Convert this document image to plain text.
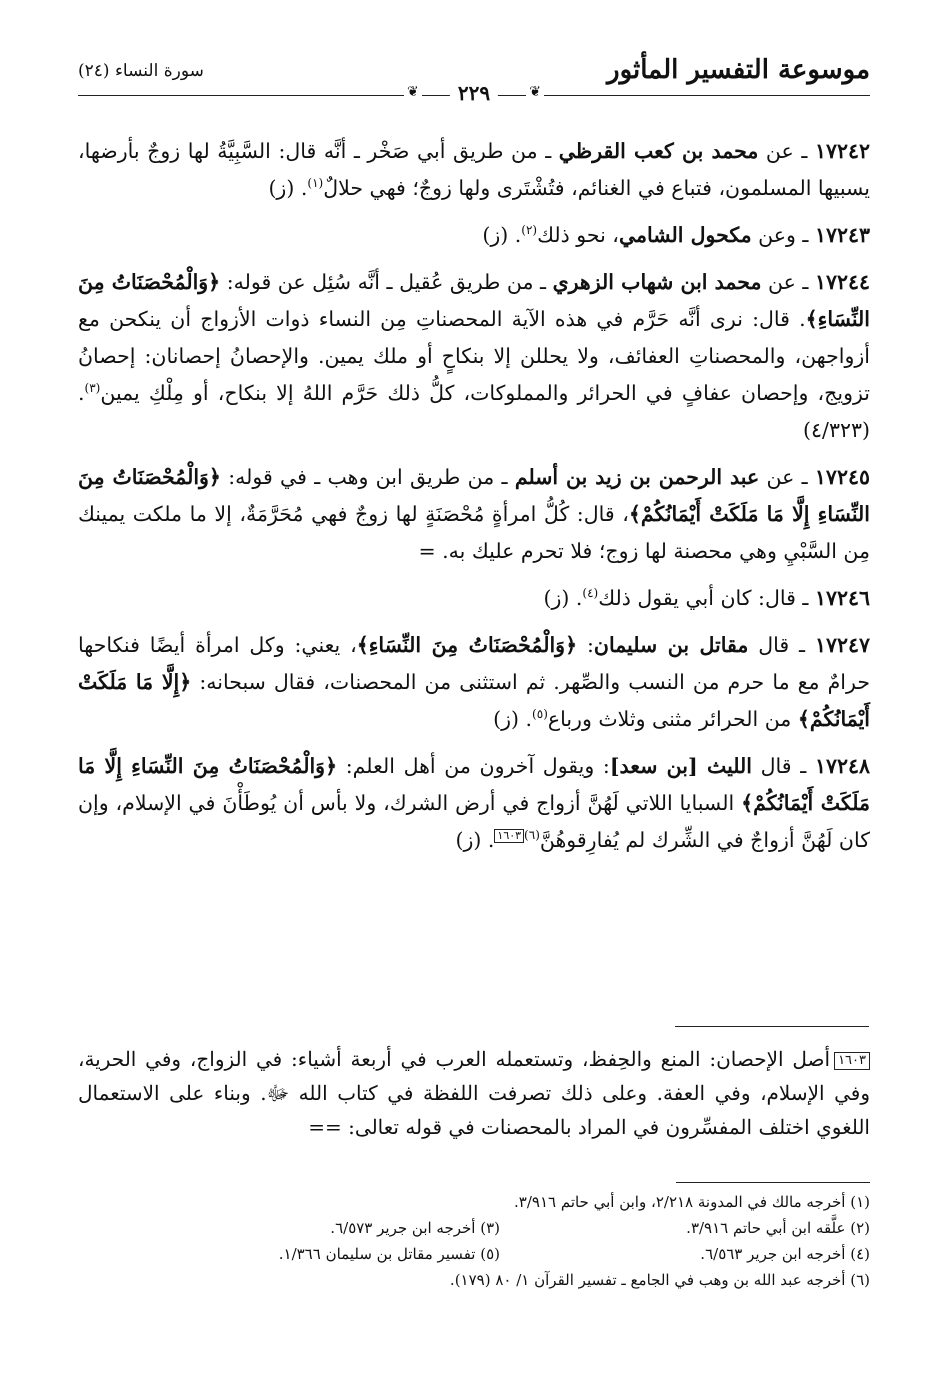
موسوعة التفسير المأثور
سورة النساء (٢٤)
❦
❦	٢٢٩

١٧٢٤٢ ـ عن محمد بن كعب القرظي ـ من طريق أبي صَخْر ـ أنَّه قال: السَّبِيَّةُ لها زوجٌ بأرضها، يسبيها المسلمون، فتباع في الغنائم، فتُشْتَرى ولها زوجٌ؛ فهي حلالٌ$^{(١)}$. (ز)

١٧٢٤٣ ـ وعن مكحول الشامي، نحو ذلك$^{(٢)}$. (ز)

١٧٢٤٤ ـ عن محمد ابن شهاب الزهري ـ من طريق عُقيل ـ أنَّه سُئِل عن قوله: ﴿وَالْمُحْصَنَاتُ مِنَ النِّسَاءِ﴾. قال: نرى أنَّه حَرَّم في هذه الآية المحصناتِ مِن النساء ذوات الأزواج أن ينكحن مع أزواجهن، والمحصناتِ العفائف، ولا يحللن إلا بنكاحٍ أو ملك يمين. والإحصانُ إحصانان: إحصانُ تزويج، وإحصان عفافٍ في الحرائر والمملوكات، كلُّ ذلك حَرَّم اللهُ إلا بنكاح، أو مِلْكِ يمين$^{(٣)}$. (٤/٣٢٣)

١٧٢٤٥ ـ عن عبد الرحمن بن زيد بن أسلم ـ من طريق ابن وهب ـ في قوله: ﴿وَالْمُحْصَنَاتُ مِنَ النِّسَاءِ إِلَّا مَا مَلَكَتْ أَيْمَانُكُمْ﴾، قال: كُلُّ امرأةٍ مُحْصَنَةٍ لها زوجٌ فهي مُحَرَّمَةٌ، إلا ما ملكت يمينك مِن السَّبْيِ وهي محصنة لها زوج؛ فلا تحرم عليك به. =

١٧٢٤٦ ـ قال: كان أبي يقول ذلك$^{(٤)}$. (ز)

١٧٢٤٧ ـ قال مقاتل بن سليمان: ﴿وَالْمُحْصَنَاتُ مِنَ النِّسَاءِ﴾، يعني: وكل امرأة أيضًا فنكاحها حرامٌ مع ما حرم من النسب والصِّهر. ثم استثنى من المحصنات، فقال سبحانه: ﴿إِلَّا مَا مَلَكَتْ أَيْمَانُكُمْ﴾ من الحرائر مثنى وثلاث ورباع$^{(٥)}$. (ز)

١٧٢٤٨ ـ قال الليث [بن سعد]: ويقول آخرون من أهل العلم: ﴿وَالْمُحْصَنَاتُ مِنَ النِّسَاءِ إِلَّا مَا مَلَكَتْ أَيْمَانُكُمْ﴾ السبايا اللاتي لَهُنَّ أزواج في أرض الشرك، ولا بأس أن يُوطَأْنَ في الإسلام، وإن كان لَهُنَّ أزواجٌ في الشِّرك لم يُفارِقوهُنَّ$^{(٦)}$١٦٠٣. (ز)

١٦٠٣أصل الإحصان: المنع والحِفظ، وتستعمله العرب في أربعة أشياء: في الزواج، وفي الحرية، وفي الإسلام، وفي العفة. وعلى ذلك تصرفت اللفظة في كتاب الله ﷻ. وبناء على الاستعمال اللغوي اختلف المفسِّرون في المراد بالمحصنات في قوله تعالى: ==
(١) أخرجه مالك في المدونة ٢/٢١٨، وابن أبي حاتم ٣/٩١٦.
(٢) علَّقه ابن أبي حاتم ٣/٩١٦.
(٣) أخرجه ابن جرير ٦/٥٧٣.
(٤) أخرجه ابن جرير ٦/٥٦٣.
(٥) تفسير مقاتل بن سليمان ١/٣٦٦.
(٦) أخرجه عبد الله بن وهب في الجامع ـ تفسير القرآن ١/ ٨٠ (١٧٩).
